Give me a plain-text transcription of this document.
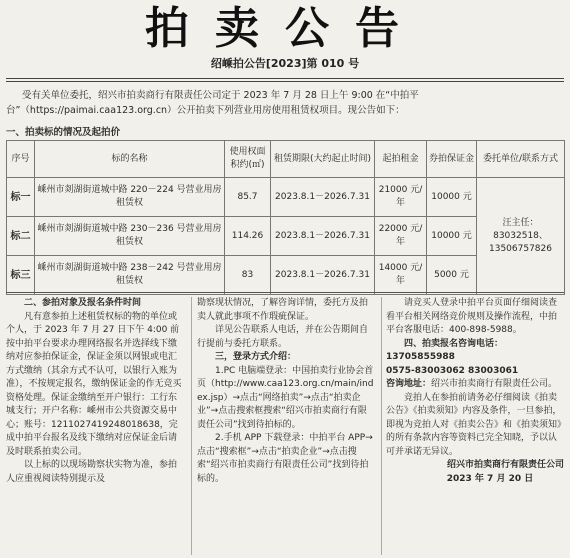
拍卖公告
绍嵊拍公告[2023]第 010 号
受有关单位委托，绍兴市拍卖商行有限责任公司定于 2023 年 7 月 28 日上午 9:00 在“中拍平台”（https://paimai.caa123.org.cn）公开拍卖下列营业用房使用租赁权项目。现公告如下：
一、拍卖标的情况及起拍价
序号	标的名称	使用权面积约(㎡)	租赁期限(大约起止时间)	起拍租金	券拍保证金	委托单位/联系方式
标一	嵊州市剡湖街道城中路 220－224 号营业用房租赁权	85.7	2023.8.1－2026.7.31	21000 元/年	10000 元	汪主任：83032518、13506757826
标二	嵊州市剡湖街道城中路 230－236 号营业用房租赁权	114.26	2023.8.1－2026.7.31	22000 元/年	10000 元	
标三	嵊州市剡湖街道城中路 238－242 号营业用房租赁权	83	2023.8.1－2026.7.31	14000 元/年	5000 元	

二、参拍对象及报名条件时间

凡有意参拍上述租赁权标的物的单位或个人，于 2023 年 7 月 27 日下午 4:00 前按中拍平台要求办理网络报名并选择线下缴纳对应参拍保证金，保证金须以网银或电汇方式缴纳（其余方式不认可，以银行入账为准），不按规定报名，缴纳保证金的作无竞买资格处理。保证金缴纳至开户银行：工行东城支行；开户名称：嵊州市公共资源交易中心；账号：1211027419248018638，完成中拍平台报名及线下缴纳对应保证金后请及时联系拍卖公司。

以上标的以现场勘察状实物为准，参拍人应重视阅读特别提示及

勘察现状情况，了解咨询详情，委托方及拍卖人就此事项不作瑕疵保证。

详见公告联系人电话，并在公告期间自行提前与委托方联系。

三，登录方式介绍：

1.PC 电脑端登录：中国拍卖行业协会首页（http://www.caa123.org.cn/main/index.jsp）→点击“网络拍卖”→点击“拍卖企业”→点击搜索框搜索“绍兴市拍卖商行有限责任公司”找到待拍标的。

2.手机 APP 下载登录：中拍平台 APP→点击“搜索框”→点击“拍卖企业”→点击搜索“绍兴市拍卖商行有限责任公司”找到待拍标的。

请竞买人登录中拍平台页面仔细阅读查看平台相关网络竞价规则及操作流程，中拍平台客服电话：400-898-5988。

四、拍卖报名咨询电话：

13705855988

0575-83003062 83003061

咨询地址：绍兴市拍卖商行有限责任公司。

竞拍人在参拍前请务必仔细阅读《拍卖公告》《拍卖须知》内容及条件，一旦参拍，即视为竞拍人对《拍卖公告》和《拍卖须知》的所有条款内容等资料已完全知晓，予以认可并承诺无异议。

绍兴市拍卖商行有限责任公司

2023 年 7 月 20 日
